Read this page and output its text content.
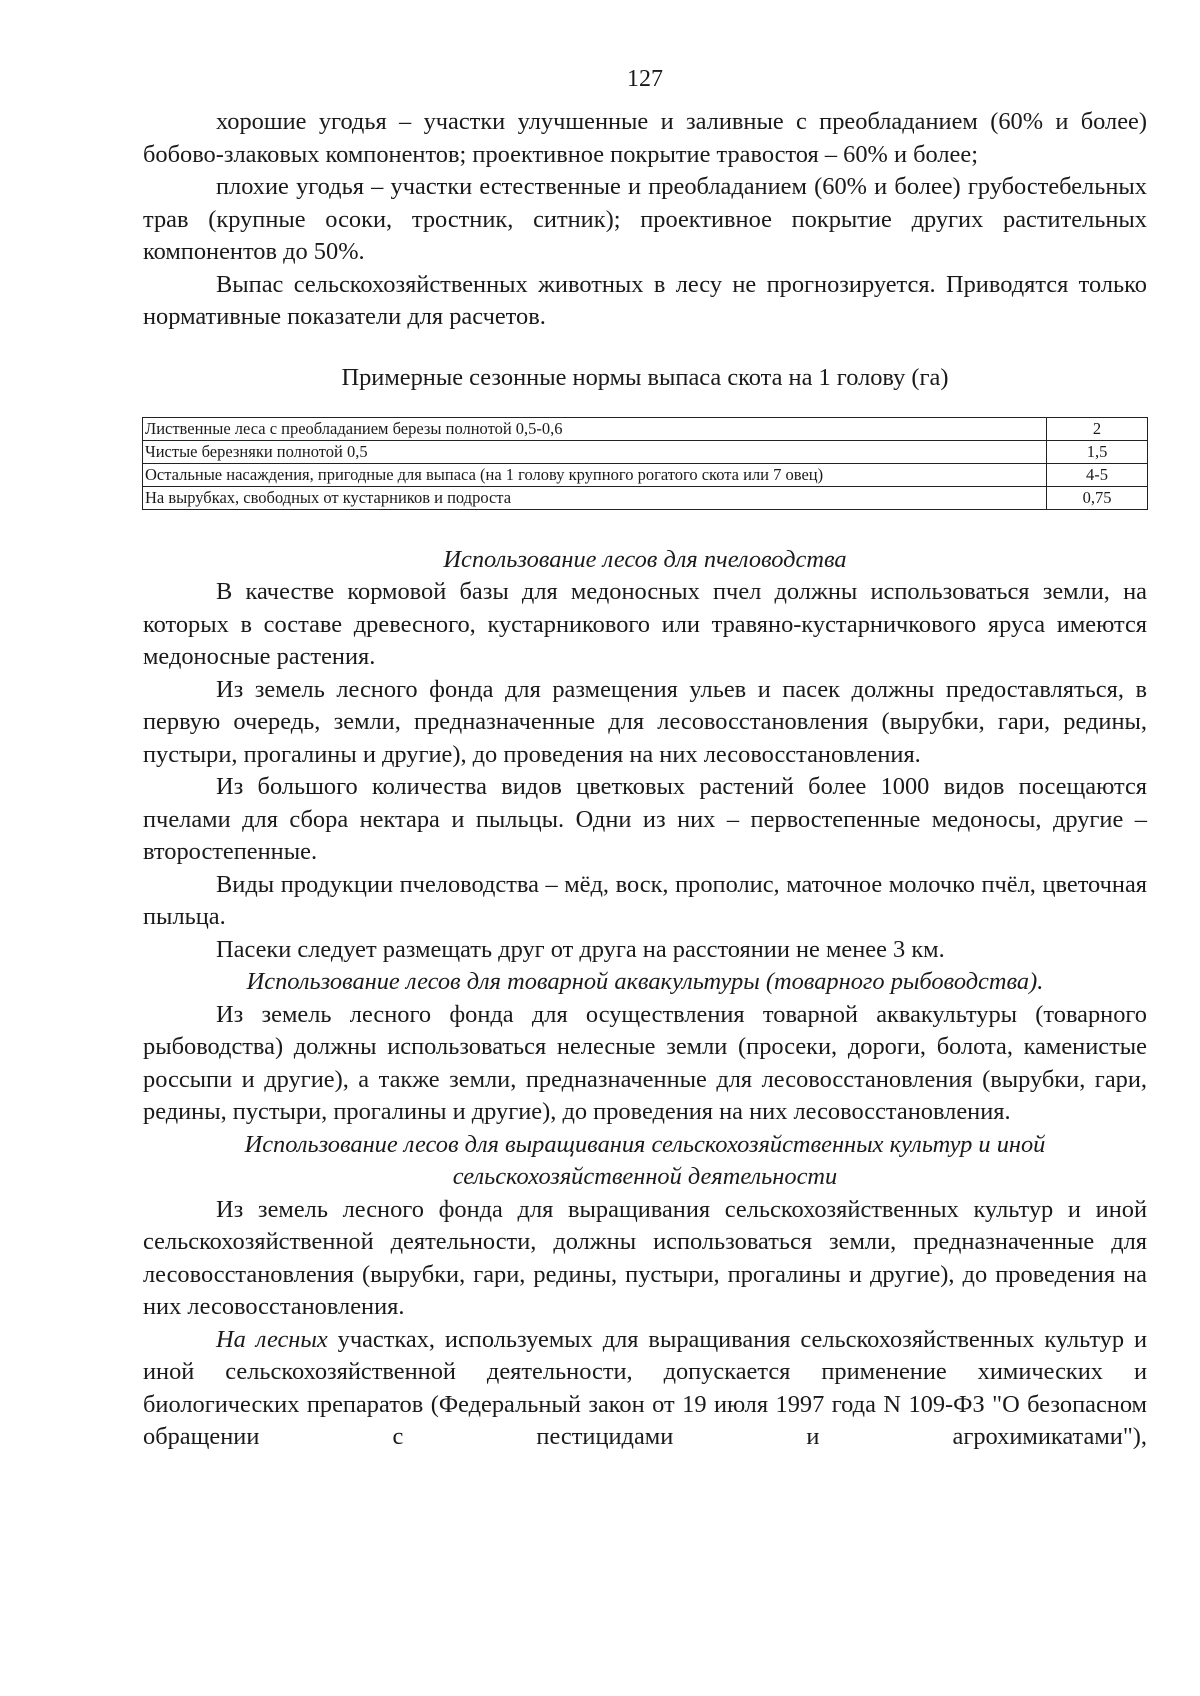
127

хорошие угодья – участки улучшенные и заливные с преобладанием (60% и более) бобово-злаковых компонентов; проективное покрытие травостоя – 60% и более;

плохие угодья – участки естественные и преобладанием (60% и более) грубостебельных трав (крупные осоки, тростник, ситник); проективное покрытие других растительных компонентов до 50%.

Выпас сельскохозяйственных животных в лесу не прогнозируется. Приводятся только нормативные показатели для расчетов.

Примерные сезонные нормы выпаса скота на 1 голову (га)
Лиственные леса с преобладанием березы полнотой 0,5-0,6	2
Чистые березняки полнотой 0,5	1,5
Остальные насаждения, пригодные для выпаса (на 1 голову крупного рогатого скота или 7 овец)	4-5
На вырубках, свободных от кустарников и подроста	0,75

Использование лесов для пчеловодства

В качестве кормовой базы для медоносных пчел должны использоваться земли, на которых в составе древесного, кустарникового или травяно-кустарничкового яруса имеются медоносные растения.

Из земель лесного фонда для размещения ульев и пасек должны предоставляться, в первую очередь, земли, предназначенные для лесовосстановления (вырубки, гари, редины, пустыри, прогалины и другие), до проведения на них лесовосстановления.

Из большого количества видов цветковых растений более 1000 видов посещаются пчелами для сбора нектара и пыльцы. Одни из них – первостепенные медоносы, другие – второстепенные.

Виды продукции пчеловодства – мёд, воск, прополис, маточное молочко пчёл, цветочная пыльца.

Пасеки следует размещать друг от друга на расстоянии не менее 3 км.

Использование лесов для товарной аквакультуры (товарного рыбоводства).

Из земель лесного фонда для осуществления товарной аквакультуры (товарного рыбоводства) должны использоваться нелесные земли (просеки, дороги, болота, каменистые россыпи и другие), а также земли, предназначенные для лесовосстановления (вырубки, гари, редины, пустыри, прогалины и другие), до проведения на них лесовосстановления.

Использование лесов для выращивания сельскохозяйственных культур и иной

сельскохозяйственной деятельности

Из земель лесного фонда для выращивания сельскохозяйственных культур и иной сельскохозяйственной деятельности, должны использоваться земли, предназначенные для лесовосстановления (вырубки, гари, редины, пустыри, прогалины и другие), до проведения на них лесовосстановления.

На лесных участках, используемых для выращивания сельскохозяйственных культур и иной сельскохозяйственной деятельности, допускается применение химических и биологических препаратов (Федеральный закон от 19 июля 1997 года N 109-ФЗ "О безопасном обращении с пестицидами и агрохимикатами"),
